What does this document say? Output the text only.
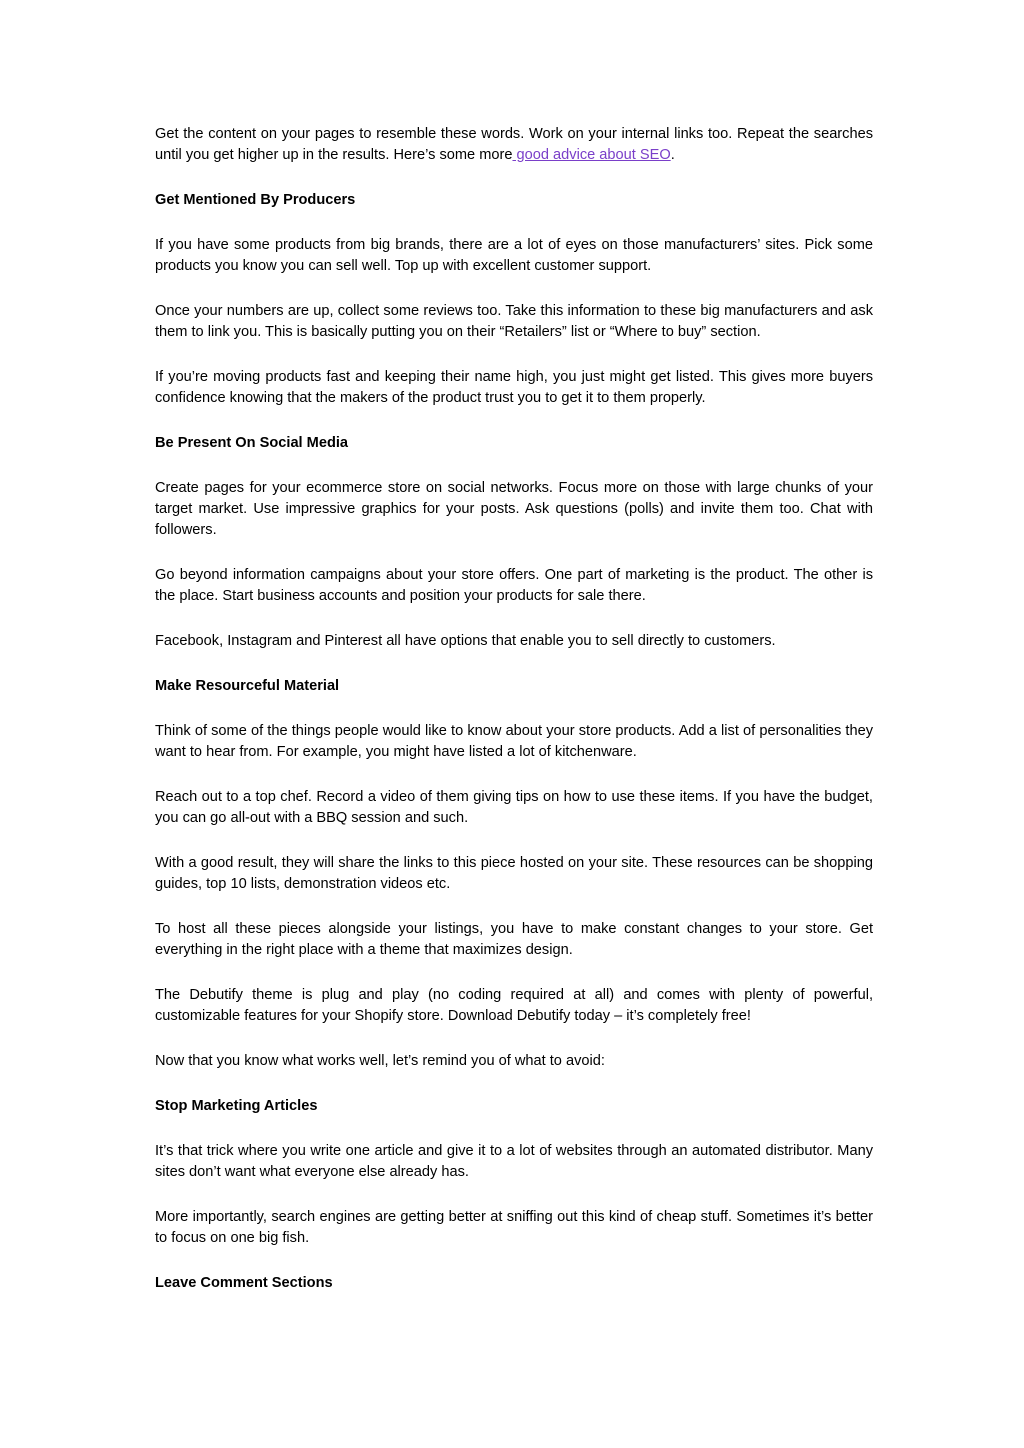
Get the content on your pages to resemble these words. Work on your internal links too. Repeat the searches until you get higher up in the results. Here’s some more good advice about SEO.

Get Mentioned By Producers

If you have some products from big brands, there are a lot of eyes on those manufacturers’ sites. Pick some products you know you can sell well. Top up with excellent customer support.

Once your numbers are up, collect some reviews too. Take this information to these big manufacturers and ask them to link you. This is basically putting you on their “Retailers” list or “Where to buy” section.

If you’re moving products fast and keeping their name high, you just might get listed. This gives more buyers confidence knowing that the makers of the product trust you to get it to them properly.

Be Present On Social Media

Create pages for your ecommerce store on social networks. Focus more on those with large chunks of your target market. Use impressive graphics for your posts. Ask questions (polls) and invite them too. Chat with followers.

Go beyond information campaigns about your store offers. One part of marketing is the product. The other is the place. Start business accounts and position your products for sale there.

Facebook, Instagram and Pinterest all have options that enable you to sell directly to customers.

Make Resourceful Material

Think of some of the things people would like to know about your store products. Add a list of personalities they want to hear from. For example, you might have listed a lot of kitchenware.

Reach out to a top chef. Record a video of them giving tips on how to use these items. If you have the budget, you can go all-out with a BBQ session and such.

With a good result, they will share the links to this piece hosted on your site. These resources can be shopping guides, top 10 lists, demonstration videos etc.

To host all these pieces alongside your listings, you have to make constant changes to your store. Get everything in the right place with a theme that maximizes design.

The Debutify theme is plug and play (no coding required at all) and comes with plenty of powerful, customizable features for your Shopify store. Download Debutify today – it’s completely free!

Now that you know what works well, let’s remind you of what to avoid:

Stop Marketing Articles

It’s that trick where you write one article and give it to a lot of websites through an automated distributor. Many sites don’t want what everyone else already has.

More importantly, search engines are getting better at sniffing out this kind of cheap stuff. Sometimes it’s better to focus on one big fish.

Leave Comment Sections
